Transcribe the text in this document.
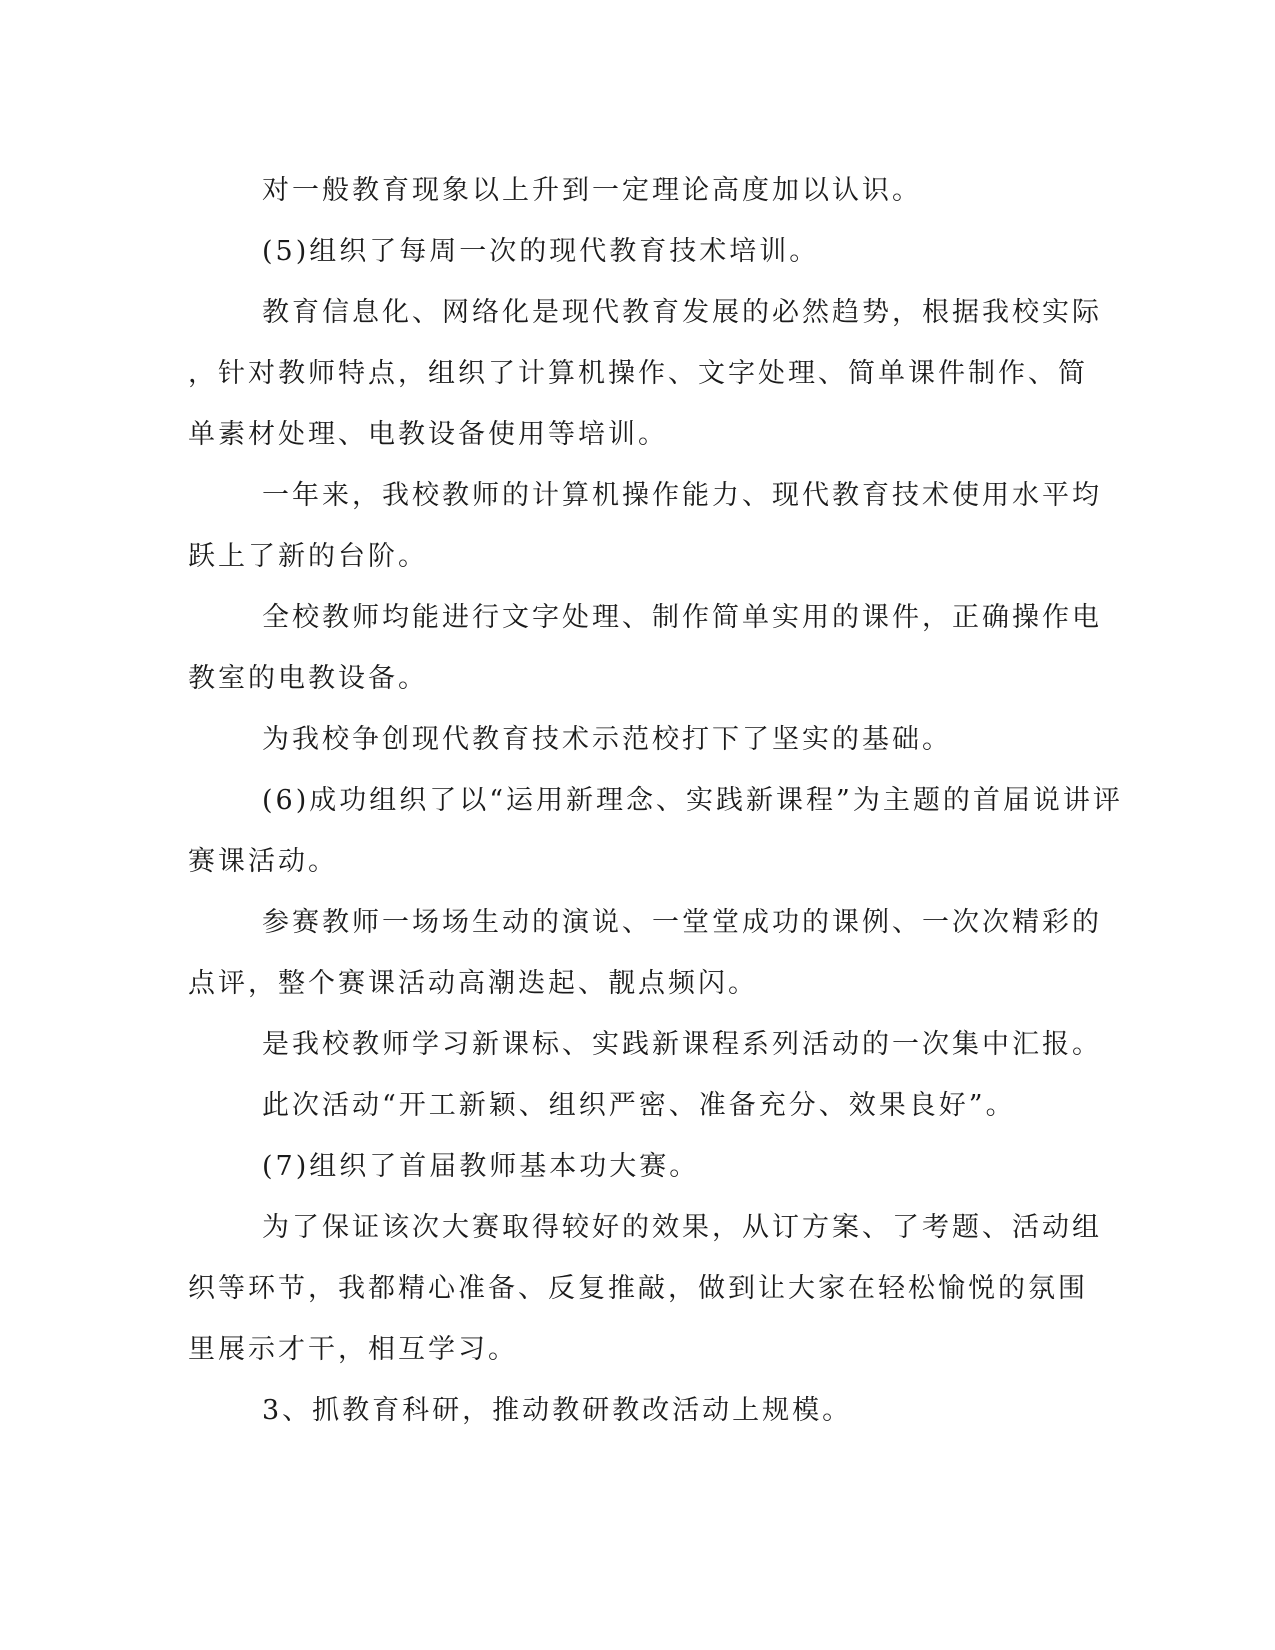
对一般教育现象以上升到一定理论高度加以认识。

(5)组织了每周一次的现代教育技术培训。

教育信息化、网络化是现代教育发展的必然趋势，根据我校实际
，针对教师特点，组织了计算机操作、文字处理、简单课件制作、简
单素材处理、电教设备使用等培训。

一年来，我校教师的计算机操作能力、现代教育技术使用水平均
跃上了新的台阶。

全校教师均能进行文字处理、制作简单实用的课件，正确操作电
教室的电教设备。

为我校争创现代教育技术示范校打下了坚实的基础。

(6)成功组织了以“运用新理念、实践新课程”为主题的首届说讲评
赛课活动。

参赛教师一场场生动的演说、一堂堂成功的课例、一次次精彩的
点评，整个赛课活动高潮迭起、靓点频闪。

是我校教师学习新课标、实践新课程系列活动的一次集中汇报。

此次活动“开工新颖、组织严密、准备充分、效果良好”。

(7)组织了首届教师基本功大赛。

为了保证该次大赛取得较好的效果，从订方案、了考题、活动组
织等环节，我都精心准备、反复推敲，做到让大家在轻松愉悦的氛围
里展示才干，相互学习。

3、抓教育科研，推动教研教改活动上规模。
